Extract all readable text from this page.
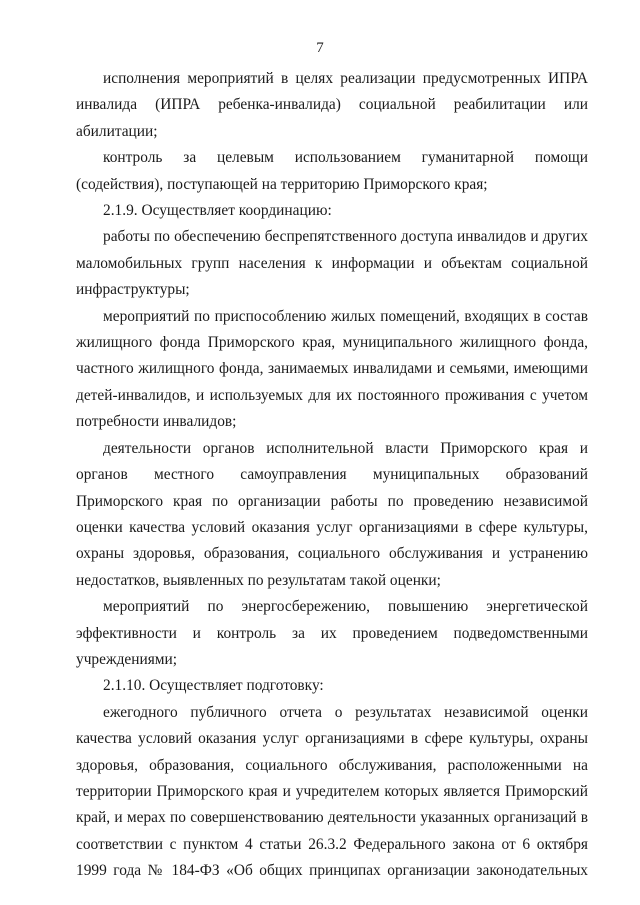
7

исполнения мероприятий в целях реализации предусмотренных ИПРА инвалида (ИПРА ребенка-инвалида) социальной реабилитации или абилитации;

контроль за целевым использованием гуманитарной помощи (содействия), поступающей на территорию Приморского края;

2.1.9. Осуществляет координацию:

работы по обеспечению беспрепятственного доступа инвалидов и других маломобильных групп населения к информации и объектам социальной инфраструктуры;

мероприятий по приспособлению жилых помещений, входящих в состав жилищного фонда Приморского края, муниципального жилищного фонда, частного жилищного фонда, занимаемых инвалидами и семьями, имеющими детей-инвалидов, и используемых для их постоянного проживания с учетом потребности инвалидов;

деятельности органов исполнительной власти Приморского края и органов местного самоуправления муниципальных образований Приморского края по организации работы по проведению независимой оценки качества условий оказания услуг организациями в сфере культуры, охраны здоровья, образования, социального обслуживания и устранению недостатков, выявленных по результатам такой оценки;

мероприятий по энергосбережению, повышению энергетической эффективности и контроль за их проведением подведомственными учреждениями;

2.1.10. Осуществляет подготовку:

ежегодного публичного отчета о результатах независимой оценки качества условий оказания услуг организациями в сфере культуры, охраны здоровья, образования, социального обслуживания, расположенными на территории Приморского края и учредителем которых является Приморский край, и мерах по совершенствованию деятельности указанных организаций в соответствии с пунктом 4 статьи 26.3.2 Федерального закона от 6 октября 1999 года № 184-ФЗ «Об общих принципах организации законодательных
